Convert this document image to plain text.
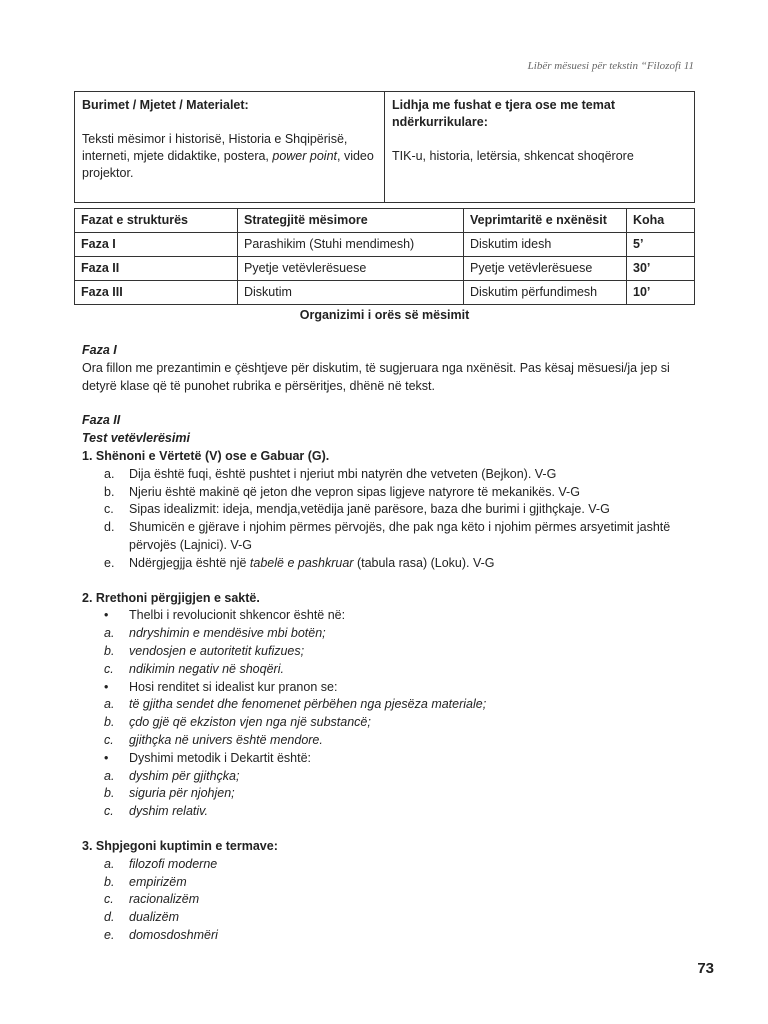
Libër mësuesi për tekstin “Filozofi 11
Burimet / Mjetet / Materialet:
Teksti mësimor i historisë, Historia e Shqipërisë, interneti, mjete didaktike, postera, power point, video projektor.	
Lidhja me fushat e tjera ose me temat ndërkurrikulare:
TIK-u, historia, letërsia, shkencat shoqërore
Fazat e strukturës	Strategjitë mësimore	Veprimtaritë e nxënësit	Koha
Faza I	Parashikim (Stuhi mendimesh)	Diskutim idesh	5’
Faza II	Pyetje vetëvlerësuese	Pyetje vetëvlerësuese	30’
Faza III	Diskutim	Diskutim përfundimesh	10’
Organizimi i orës së mësimit
Faza I
Ora fillon me prezantimin e çështjeve për diskutim, të sugjeruara nga nxënësit. Pas kësaj mësuesi/ja jep si detyrë klase që të punohet rubrika e përsëritjes, dhënë në tekst.
Faza II
Test vetëvlerësimi
1. Shënoni e Vërtetë (V) ose e Gabuar (G).
a.	Dija është fuqi, është pushtet i njeriut mbi natyrën dhe vetveten (Bejkon). V-G
b.	Njeriu është makinë që jeton dhe vepron sipas ligjeve natyrore të mekanikës. V-G
c.	Sipas idealizmit: ideja, mendja,vetëdija janë parësore, baza dhe burimi i gjithçkaje. V-G
d.	Shumicën e gjërave i njohim përmes përvojës, dhe pak nga këto i njohim përmes arsyetimit jashtë përvojës (Lajnici). V-G
e.	Ndërgjegjja është një tabelë e pashkruar (tabula rasa) (Loku). V-G
2. Rrethoni përgjigjen e saktë.
•	Thelbi i revolucionit shkencor është në:
a.	ndryshimin e mendësive mbi botën;
b.	vendosjen e autoritetit kufizues;
c.	ndikimin negativ në shoqëri.
•	Hosi renditet si idealist kur pranon se:
a.	të gjitha sendet dhe fenomenet përbëhen nga pjesëza materiale;
b.	çdo gjë që ekziston vjen nga një substancë;
c.	gjithçka në univers është mendore.
•	Dyshimi metodik i Dekartit është:
a.	dyshim për gjithçka;
b.	siguria për njohjen;
c.	dyshim relativ.
3. Shpjegoni kuptimin e termave:
a.	filozofi moderne
b.	empirizëm
c.	racionalizëm
d.	dualizëm
e.	domosdoshmëri
73
